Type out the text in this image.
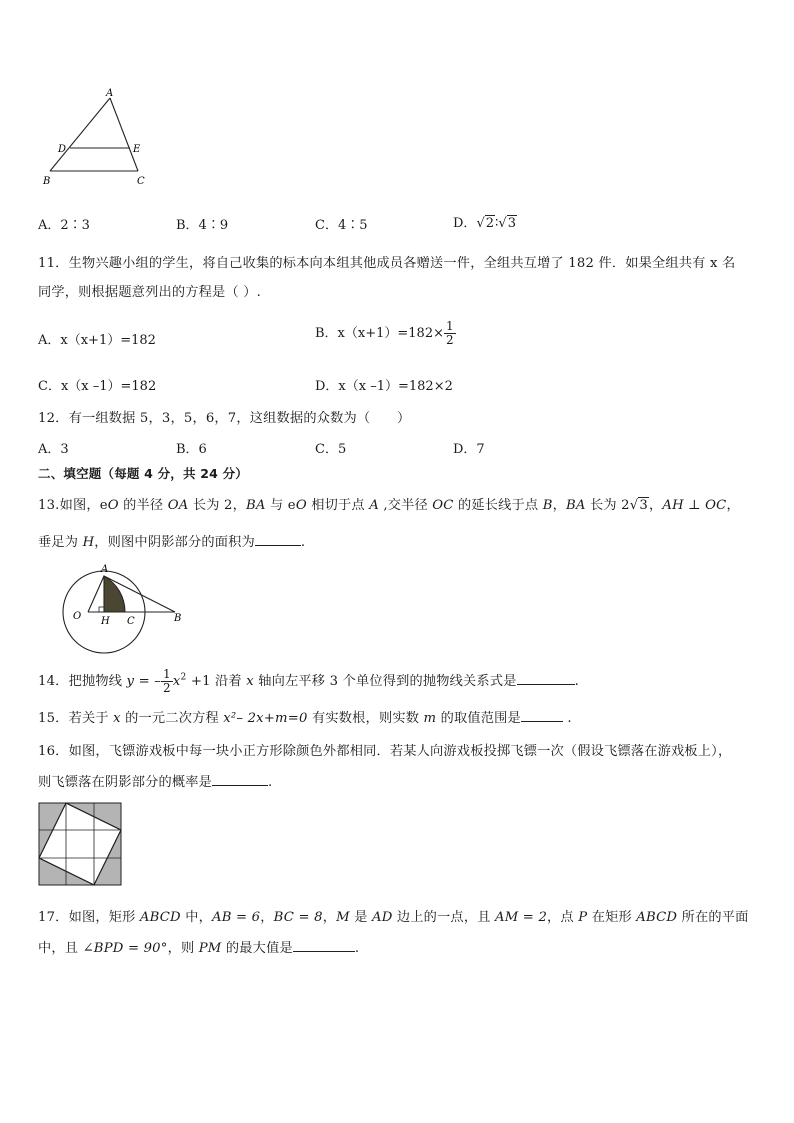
A
D	E
B	C
A．2∶3	B．4∶9	C．4∶5	D．√2∶√3
11．生物兴趣小组的学生，将自己收集的标本向本组其他成员各赠送一件，全组共互增了 182 件．如果全组共有 x 名
同学，则根据题意列出的方程是（ ）.
A．x（x+1）=182	B．$x(x+1)=182\times \frac{1}{2}$
C．x（x –1）=182	D．x（x –1）=182×2
12．有一组数据 5，3，5，6，7，这组数据的众数为（　　）
A．3	B．6	C．5	D．7
二、填空题（每题 4 分，共 24 分）
13.如图，eO 的半径 OA 长为 2，BA 与 eO 相切于点 A ,交半径 OC 的延长线于点 B，BA 长为 2√3，AH ⊥ OC，
垂足为 H，则图中阴影部分的面积为	.
A
O H C	B
14．把抛物线 y = – $\frac{1}{2} x^2 +1$ 沿着 x 轴向左平移 3 个单位得到的抛物线关系式是	.
15．若关于 x 的一元二次方程 x²– 2x+m=0 有实数根，则实数 m 的取值范围是	.
16．如图，飞镖游戏板中每一块小正方形除颜色外都相同．若某人向游戏板投掷飞镖一次（假设飞镖落在游戏板上），
则飞镖落在阴影部分的概率是	.
17．如图，矩形 ABCD 中，AB = 6，BC = 8，M 是 AD 边上的一点，且 AM = 2，点 P 在矩形 ABCD 所在的平面
中，且 ∠BPD = 90°，则 PM 的最大值是	.
